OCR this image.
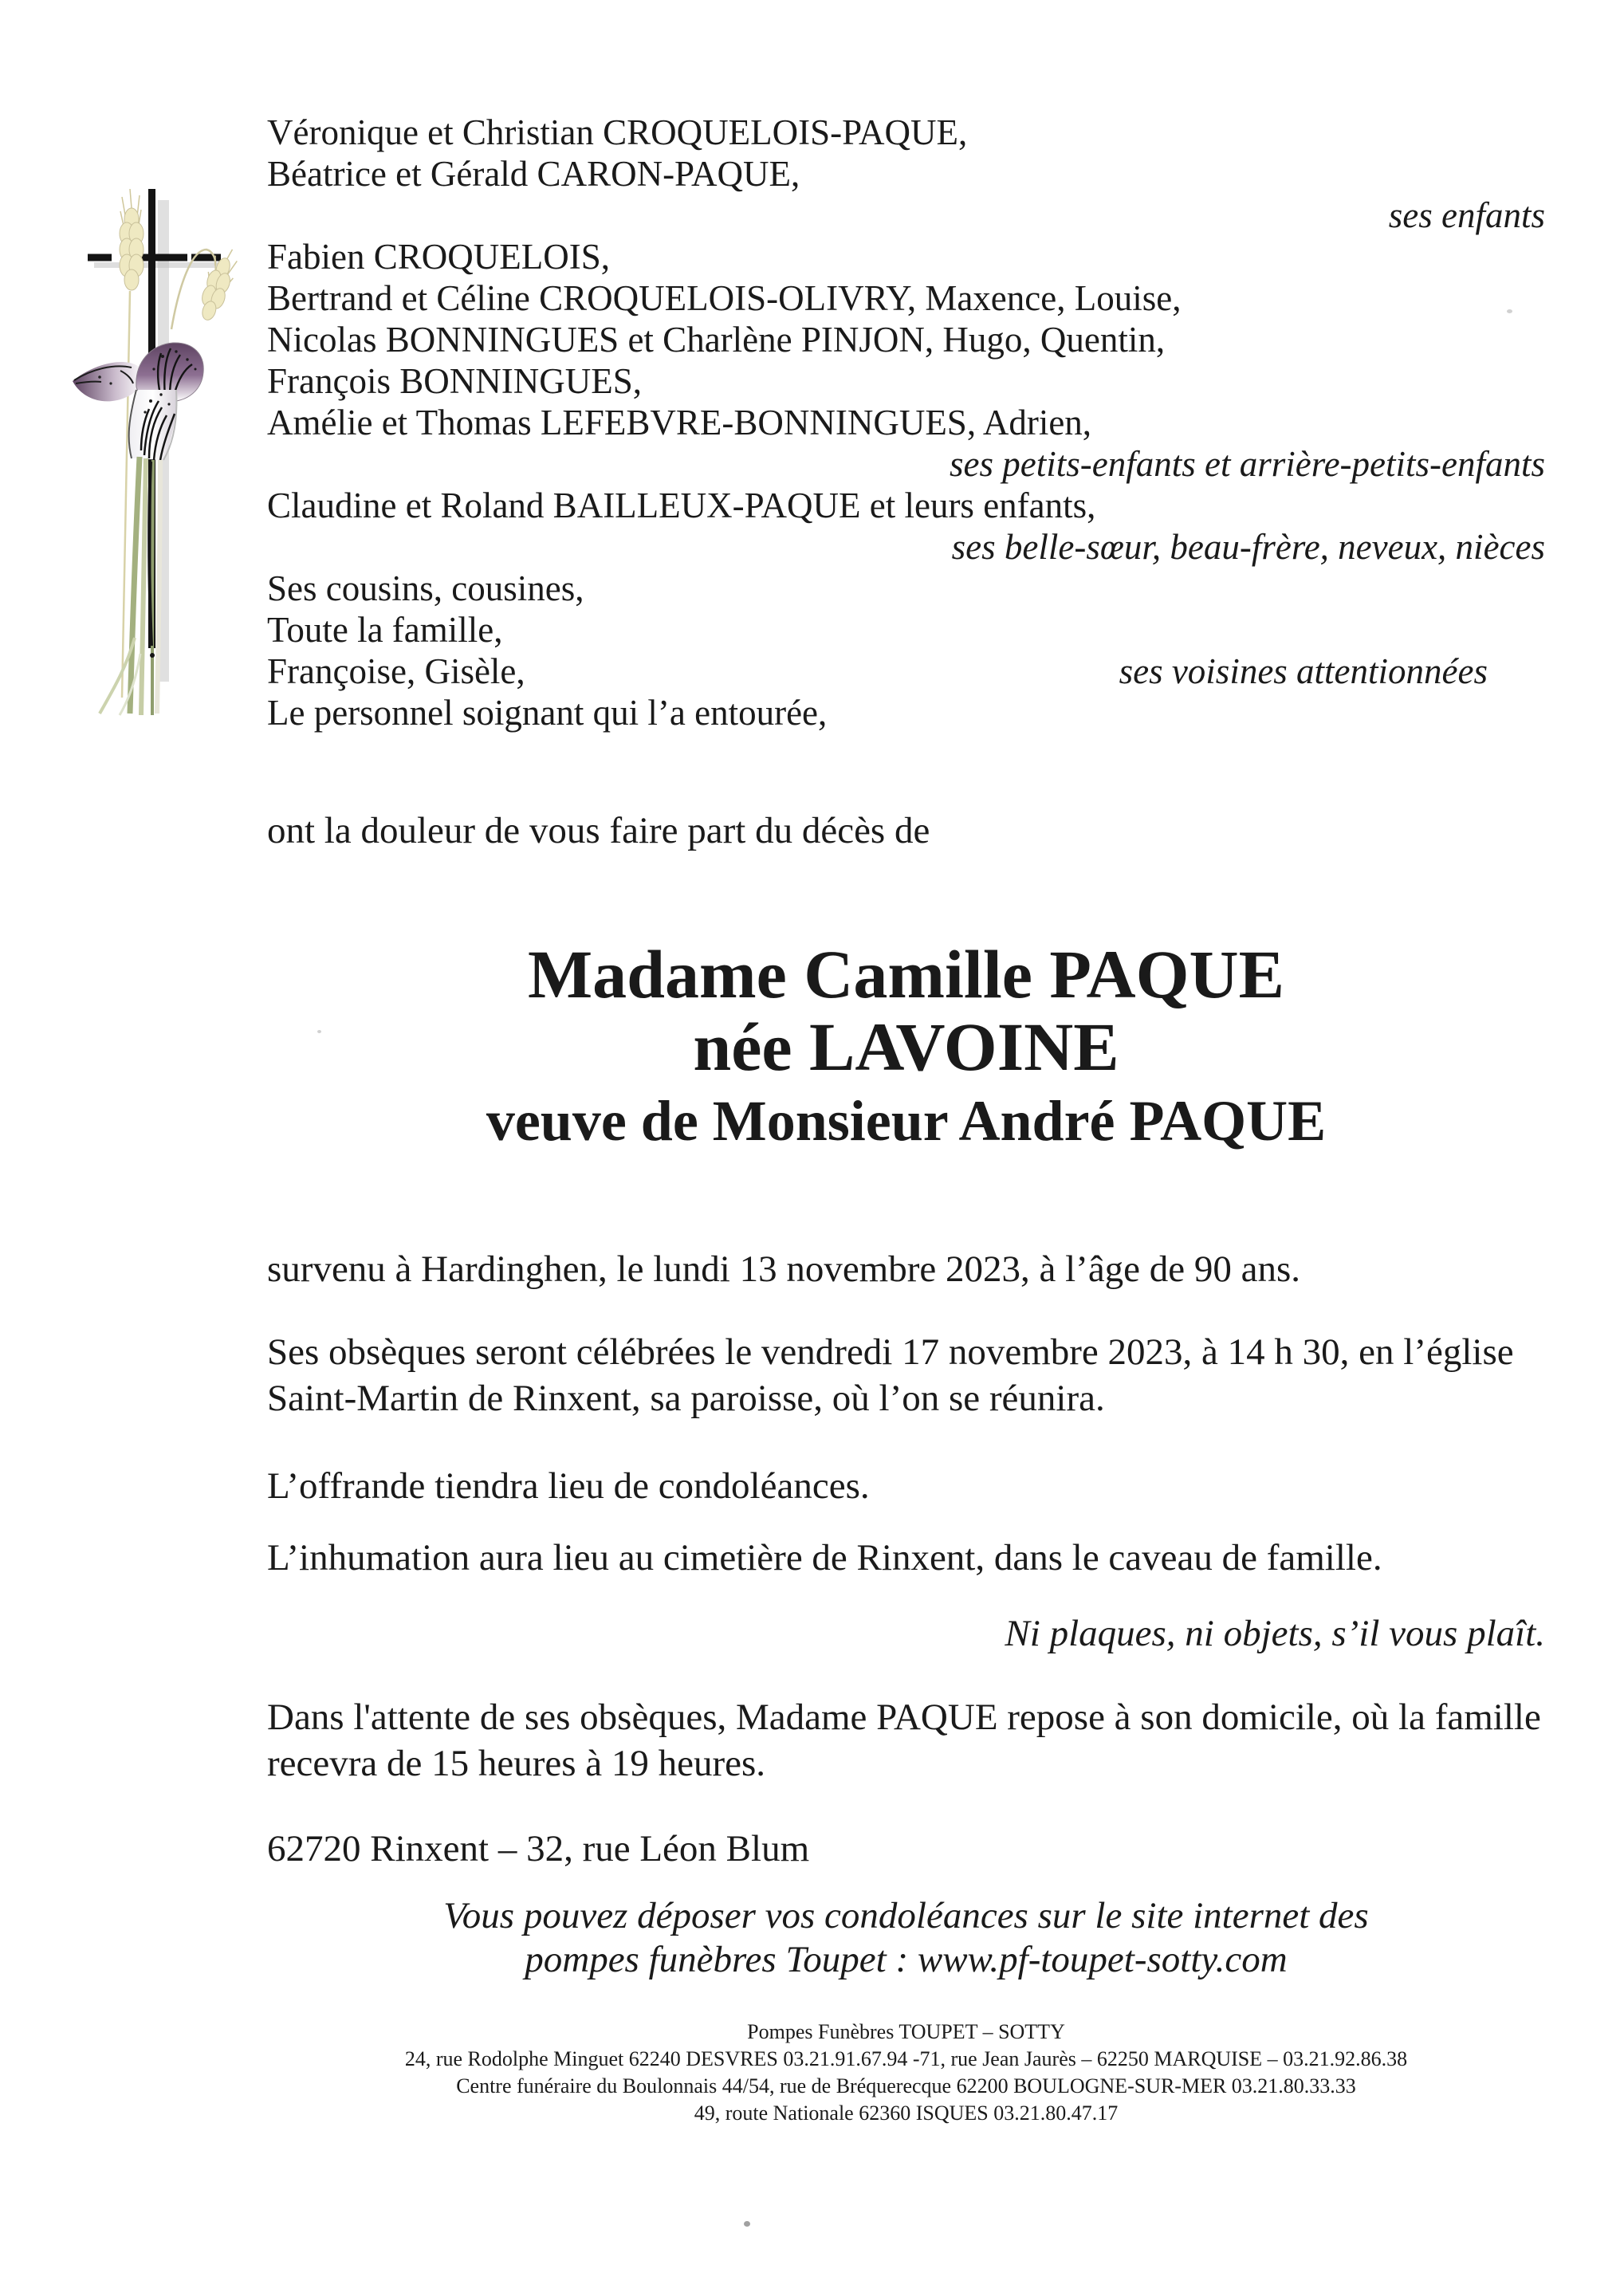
Véronique et Christian CROQUELOIS-PAQUE,
Béatrice et Gérald CARON-PAQUE,
ses enfants
Fabien CROQUELOIS,
Bertrand et Céline CROQUELOIS-OLIVRY, Maxence, Louise,
Nicolas BONNINGUES et Charlène PINJON, Hugo, Quentin,
François BONNINGUES,
Amélie et Thomas LEFEBVRE-BONNINGUES, Adrien,
ses petits-enfants et arrière-petits-enfants
Claudine et Roland BAILLEUX-PAQUE et leurs enfants,
ses belle-sœur, beau-frère, neveux, nièces
Ses cousins, cousines,
Toute la famille,
Françoise, Gisèle,	ses voisines attentionnées
Le personnel soignant qui l’a entourée,
ont la douleur de vous faire part du décès de
Madame Camille PAQUE
née LAVOINE
veuve de Monsieur André PAQUE
survenu à Hardinghen, le lundi 13 novembre 2023, à l’âge de 90 ans.
Ses obsèques seront célébrées le vendredi 17 novembre 2023, à 14 h 30, en l’église
Saint-Martin de Rinxent, sa paroisse, où l’on se réunira.
L’offrande tiendra lieu de condoléances.
L’inhumation aura lieu au cimetière de Rinxent, dans le caveau de famille.
Ni plaques, ni objets, s’il vous plaît.
Dans l'attente de ses obsèques, Madame PAQUE repose à son domicile, où la famille
recevra de 15 heures à 19 heures.
62720 Rinxent – 32, rue Léon Blum
Vous pouvez déposer vos condoléances sur le site internet des
pompes funèbres Toupet : www.pf-toupet-sotty.com
Pompes Funèbres TOUPET – SOTTY
24, rue Rodolphe Minguet 62240 DESVRES 03.21.91.67.94 -71, rue Jean Jaurès – 62250 MARQUISE – 03.21.92.86.38
Centre funéraire du Boulonnais 44/54, rue de Bréquerecque 62200 BOULOGNE-SUR-MER 03.21.80.33.33
49, route Nationale 62360 ISQUES 03.21.80.47.17
